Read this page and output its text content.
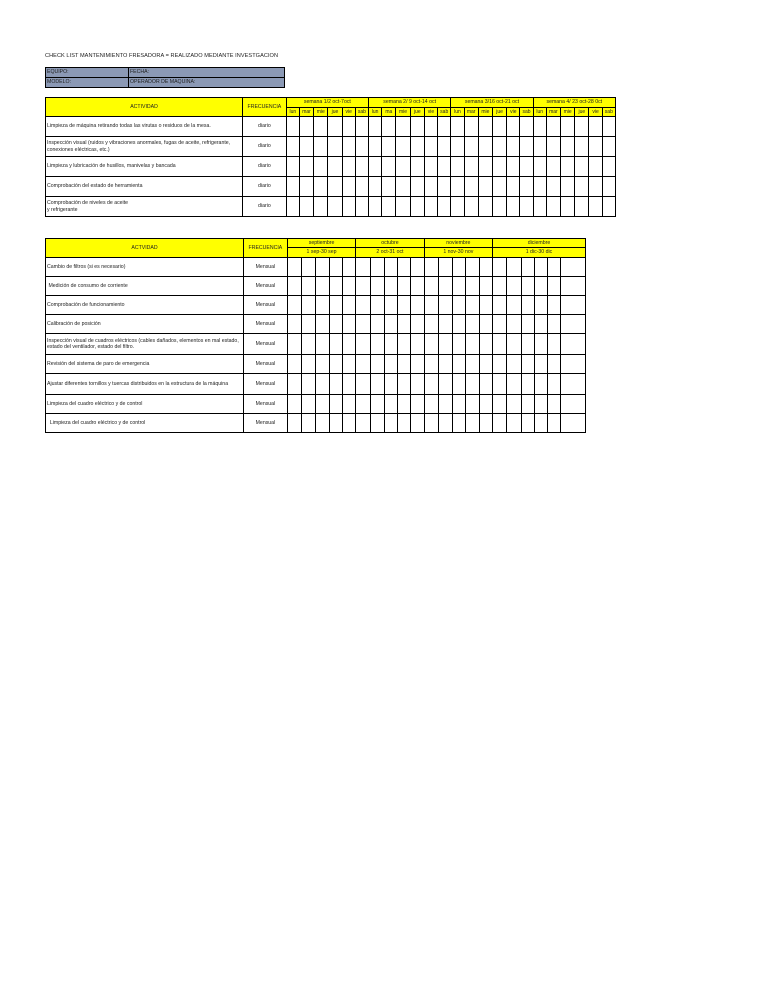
CHECK LIST MANTENIMIENTO FRESADORA = REALIZADO MEDIANTE INVESTGACION
EQUIPO:	FECHA:
MODELO:	OPERADOR DE MAQUINA:
ACTIVIDAD	FRECUENCIA	semana 1/2 oct-7oct						semana 2/ 9 oct-14 oct						semana 3/16 oct-21 oct						semana 4/ 23 oct-28 0ct					
		lun	mar	mie	jue	vie	sab	lun	ma	mie	jue	vie	sab	lun	mar	mie	jue	vie	sab	lun	mar	mie	jue	vie	sab
Limpieza de máquina retirando todas las virutas o residuos de la mesa.	diario																								
Inspección visual (ruidos y vibraciones anormales, fugas de aceite, refrigerante, conexiones eléctricas, etc.)	diario																								
Limpieza y lubricación de husillos, manivelas y bancada	diario																								
Comprobación del estado de herramienta	diario																								
Comprobación de niveles de aceite
y refrigerante	diario																								
ACTVIDAD	FRECUENCIA	septiembre					octubre					noviembre					diciembre					
		1 sep-30 sep					2 oct-31 oct					1 nov-30 nov					1 dic-30 dic					
Cambio de filtros (si es necesario)	Mensual																					
Medición de consumo de corriente	Mensual																					
Comprobación de funcionamiento	Mensual																					
Calibración de posición	Mensual																					
Inspección visual de cuadros eléctricos (cables dañados, elementos en mal estado, estado del ventilador, estado del filtro.	Mensual																					
Revisión del sistema de paro de emergencia	Mensual																					
Ajustar diferentes tornillos y tuercas distribuidos en la estructura de la máquina	Mensual																					
Limpieza del cuadro eléctrico y de control	Mensual																					
Limpieza del cuadro eléctrico y de control	Mensual																					
